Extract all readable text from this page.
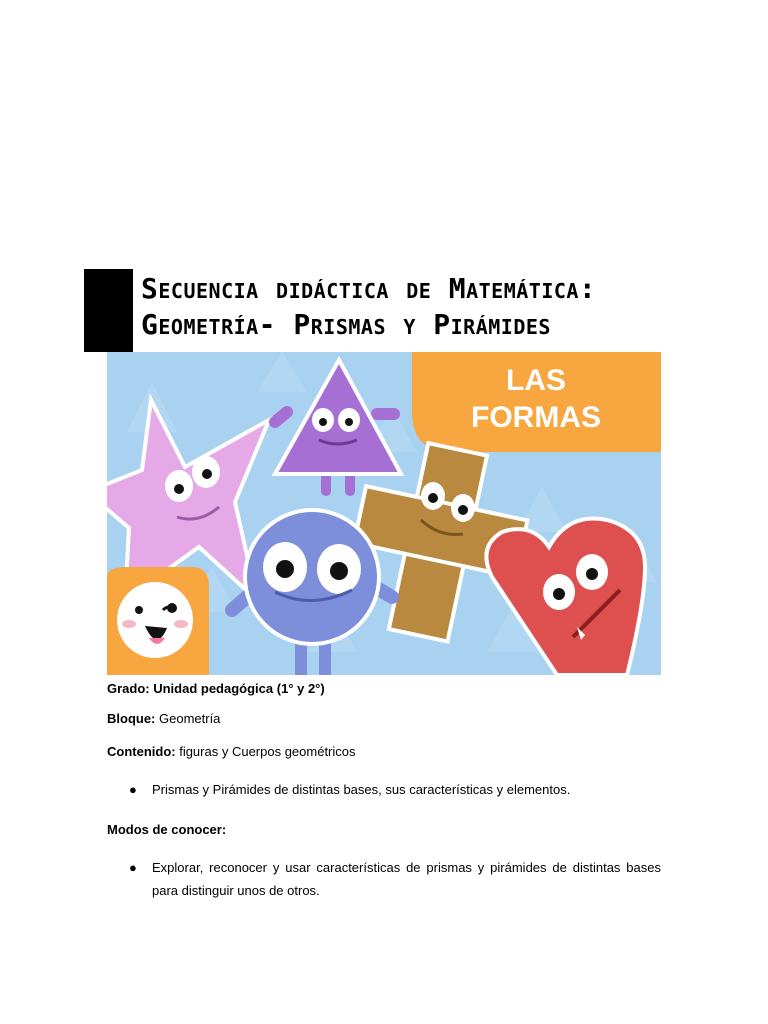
Secuencia didáctica de Matemática:
Geometría- Prismas y Pirámides
LAS
FORMAS
Grado: Unidad pedagógica (1° y 2°)
Bloque: Geometría
Contenido: figuras y Cuerpos geométricos
● Prismas y Pirámides de distintas bases, sus características y elementos.
Modos de conocer:
● Explorar, reconocer y usar características de prismas y pirámides de distintas bases para distinguir unos de otros.
